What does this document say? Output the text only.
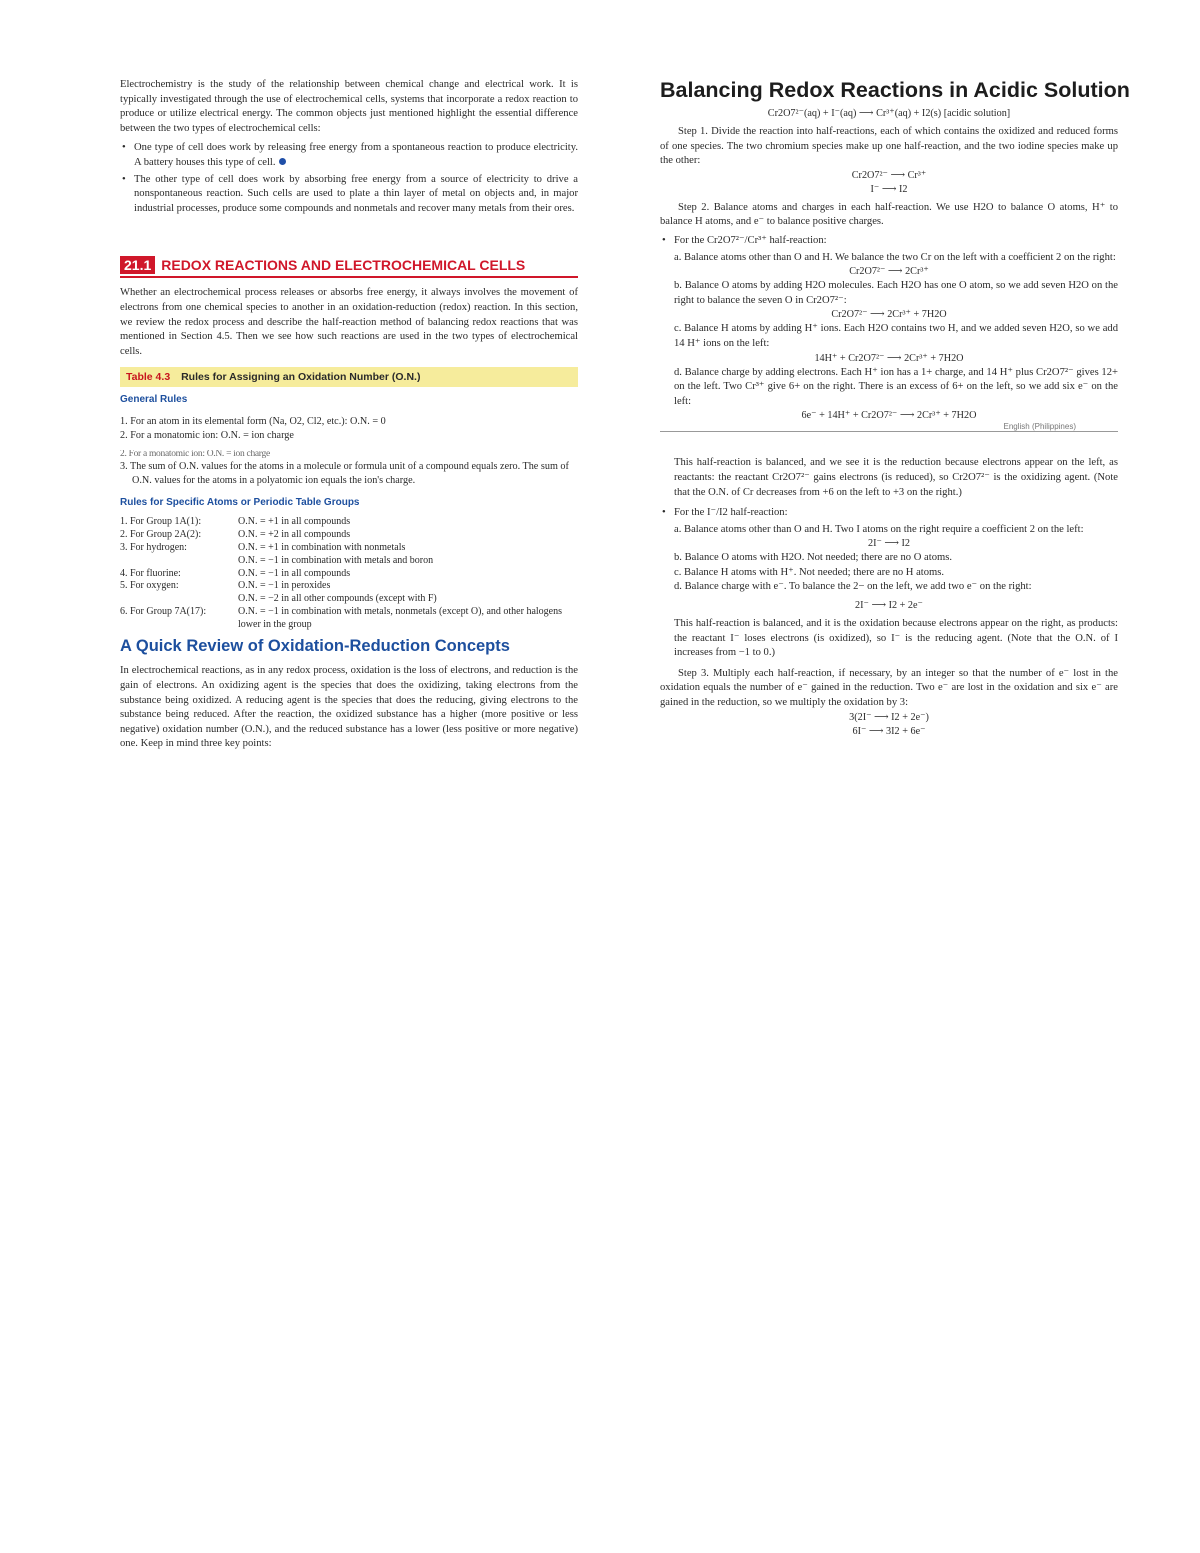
Electrochemistry is the study of the relationship between chemical change and electrical work. It is typically investigated through the use of electrochemical cells, systems that incorporate a redox reaction to produce or utilize electrical energy. The common objects just mentioned highlight the essential difference between the two types of electrochemical cells:

• One type of cell does work by releasing free energy from a spontaneous reaction to produce electricity. A battery houses this type of cell.
• The other type of cell does work by absorbing free energy from a source of electricity to drive a nonspontaneous reaction. Such cells are used to plate a thin layer of metal on objects and, in major industrial processes, produce some compounds and nonmetals and recover many metals from their ores.
21.1 REDOX REACTIONS AND ELECTROCHEMICAL CELLS

Whether an electrochemical process releases or absorbs free energy, it always involves the movement of electrons from one chemical species to another in an oxidation-reduction (redox) reaction. In this section, we review the redox process and describe the half-reaction method of balancing redox reactions that was mentioned in Section 4.5. Then we see how such reactions are used in the two types of electrochemical cells.

Table 4.3 Rules for Assigning an Oxidation Number (O.N.)
General Rules
1. For an atom in its elemental form (Na, O2, Cl2, etc.): O.N. = 0
2. For a monatomic ion: O.N. = ion charge
2. For a monatomic ion: O.N. = ion charge
3. The sum of O.N. values for the atoms in a molecule or formula unit of a compound equals zero. The sum of O.N. values for the atoms in a polyatomic ion equals the ion's charge.
Rules for Specific Atoms or Periodic Table Groups
1. For Group 1A(1):	O.N. = +1 in all compounds
2. For Group 2A(2):	O.N. = +2 in all compounds
3. For hydrogen:	O.N. = +1 in combination with nonmetals
O.N. = −1 in combination with metals and boron
4. For fluorine:	O.N. = −1 in all compounds
5. For oxygen:	O.N. = −1 in peroxides
O.N. = −2 in all other compounds (except with F)
6. For Group 7A(17):	O.N. = −1 in combination with metals, nonmetals (except O), and other halogens lower in the group
A Quick Review of Oxidation-Reduction Concepts

In electrochemical reactions, as in any redox process, oxidation is the loss of electrons, and reduction is the gain of electrons. An oxidizing agent is the species that does the oxidizing, taking electrons from the substance being oxidized. A reducing agent is the species that does the reducing, giving electrons to the substance being reduced. After the reaction, the oxidized substance has a higher (more positive or less negative) oxidation number (O.N.), and the reduced substance has a lower (less positive or more negative) one. Keep in mind three key points:

Balancing Redox Reactions in Acidic Solution
Cr2O7²⁻(aq) + I⁻(aq) ⟶ Cr³⁺(aq) + I2(s) [acidic solution]

Step 1. Divide the reaction into half-reactions, each of which contains the oxidized and reduced forms of one species. The two chromium species make up one half-reaction, and the two iodine species make up the other:

Cr2O7²⁻ ⟶ Cr³⁺
I⁻ ⟶ I2

Step 2. Balance atoms and charges in each half-reaction. We use H2O to balance O atoms, H⁺ to balance H atoms, and e⁻ to balance positive charges.

• For the Cr2O7²⁻/Cr³⁺ half-reaction:

a. Balance atoms other than O and H. We balance the two Cr on the left with a coefficient 2 on the right:

Cr2O7²⁻ ⟶ 2Cr³⁺

b. Balance O atoms by adding H2O molecules. Each H2O has one O atom, so we add seven H2O on the right to balance the seven O in Cr2O7²⁻:

Cr2O7²⁻ ⟶ 2Cr³⁺ + 7H2O

c. Balance H atoms by adding H⁺ ions. Each H2O contains two H, and we added seven H2O, so we add 14 H⁺ ions on the left:

14H⁺ + Cr2O7²⁻ ⟶ 2Cr³⁺ + 7H2O

d. Balance charge by adding electrons. Each H⁺ ion has a 1+ charge, and 14 H⁺ plus Cr2O7²⁻ gives 12+ on the left. Two Cr³⁺ give 6+ on the right. There is an excess of 6+ on the left, so we add six e⁻ on the left:

6e⁻ + 14H⁺ + Cr2O7²⁻ ⟶ 2Cr³⁺ + 7H2O
English (Philippines)

This half-reaction is balanced, and we see it is the reduction because electrons appear on the left, as reactants: the reactant Cr2O7²⁻ gains electrons (is reduced), so Cr2O7²⁻ is the oxidizing agent. (Note that the O.N. of Cr decreases from +6 on the left to +3 on the right.)

• For the I⁻/I2 half-reaction:

a. Balance atoms other than O and H. Two I atoms on the right require a coefficient 2 on the left:

2I⁻ ⟶ I2

b. Balance O atoms with H2O. Not needed; there are no O atoms.

c. Balance H atoms with H⁺. Not needed; there are no H atoms.

d. Balance charge with e⁻. To balance the 2− on the left, we add two e⁻ on the right:

2I⁻ ⟶ I2 + 2e⁻

This half-reaction is balanced, and it is the oxidation because electrons appear on the right, as products: the reactant I⁻ loses electrons (is oxidized), so I⁻ is the reducing agent. (Note that the O.N. of I increases from −1 to 0.)

Step 3. Multiply each half-reaction, if necessary, by an integer so that the number of e⁻ lost in the oxidation equals the number of e⁻ gained in the reduction. Two e⁻ are lost in the oxidation and six e⁻ are gained in the reduction, so we multiply the oxidation by 3:

3(2I⁻ ⟶ I2 + 2e⁻)
6I⁻ ⟶ 3I2 + 6e⁻
